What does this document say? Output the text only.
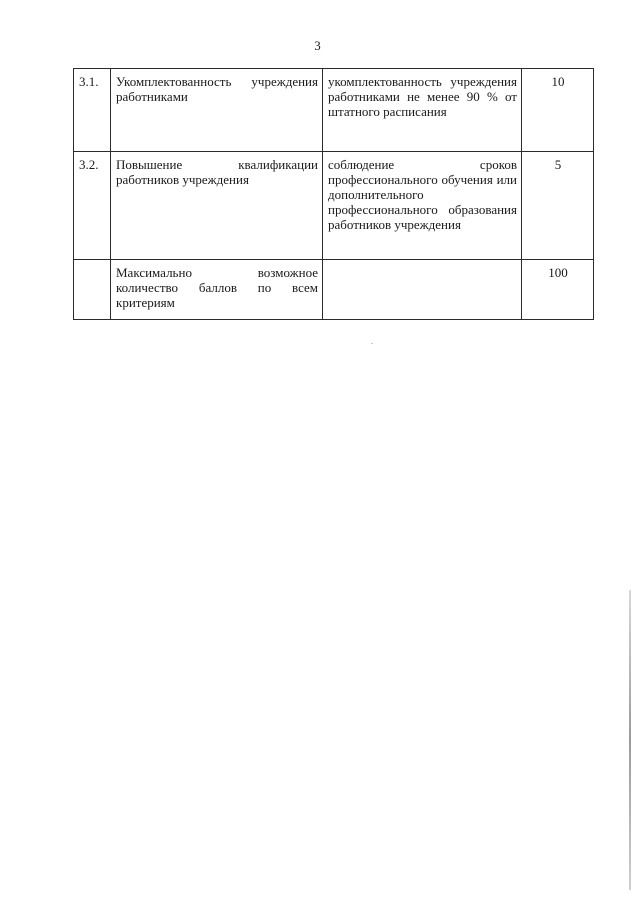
3
3.1.	Укомплектованность учреждения работниками	укомплектованность учреждения работниками не менее 90 % от штатного расписания	10
3.2.	Повышение квалификации работников учреждения	соблюдение сроков профессионального обучения или дополнительного профессионального образования работников учреждения	5
	Максимально возможное количество баллов по всем критериям		100
